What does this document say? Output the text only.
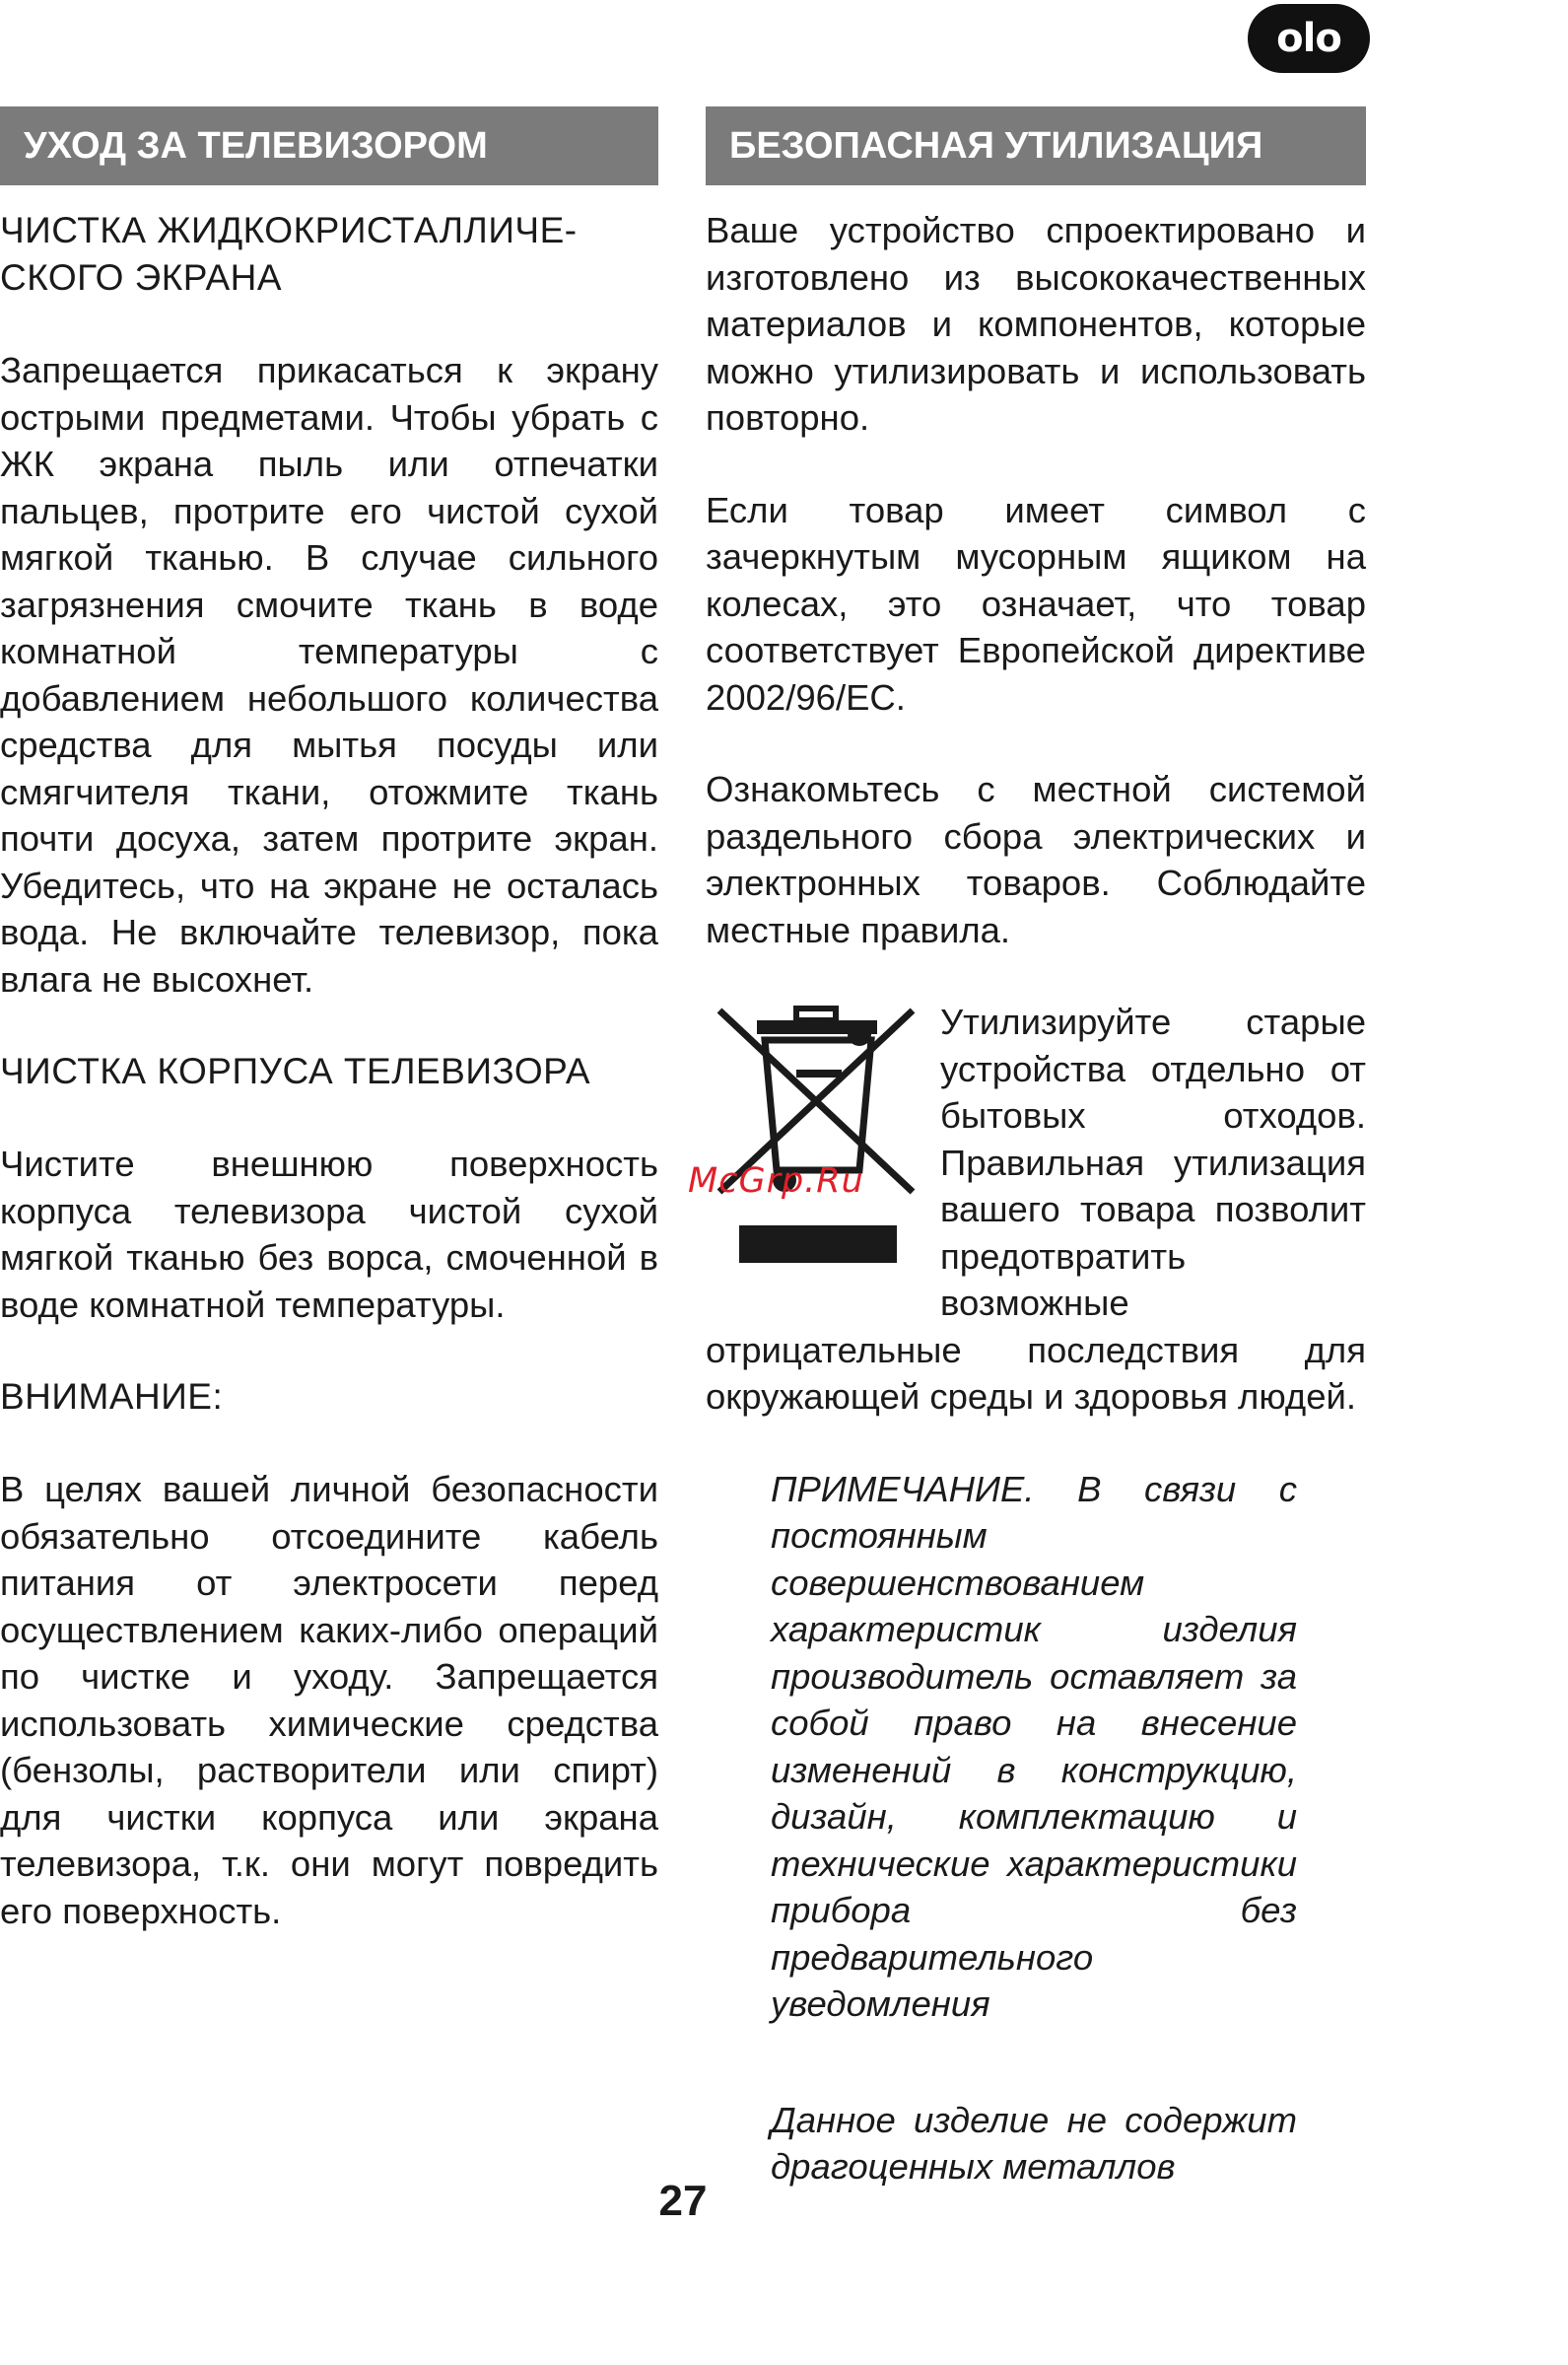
olo
УХОД ЗА ТЕЛЕВИЗОРОМ
ЧИСТКА ЖИДКОКРИСТАЛЛИЧЕ-СКОГО ЭКРАНА

Запрещается прикасаться к экрану острыми предметами. Чтобы убрать с ЖК экрана пыль или отпечатки пальцев, протрите его чистой сухой мягкой тканью. В случае сильного загрязнения смочите ткань в воде комнатной температуры с добавлением небольшого количества средства для мытья посуды или смягчителя ткани, отожмите ткань почти досуха, затем протрите экран. Убедитесь, что на экране не осталась вода. Не включайте телевизор, пока влага не высохнет.

ЧИСТКА КОРПУСА ТЕЛЕВИЗОРА

Чистите внешнюю поверхность корпуса телевизора чистой сухой мягкой тканью без ворса, смоченной в воде комнатной температуры.

ВНИМАНИЕ:

В целях вашей личной безопасности обязательно отсоедините кабель питания от электросети перед осуществлением каких-либо операций по чистке и уходу. Запрещается использовать химические средства (бензолы, растворители или спирт) для чистки корпуса или экрана телевизора, т.к. они могут повредить его поверхность.

БЕЗОПАСНАЯ УТИЛИЗАЦИЯ

Ваше устройство спроектировано и изготовлено из высококачественных материалов и компонентов, которые можно утилизировать и использовать повторно.

Если товар имеет символ с зачеркнутым мусорным ящиком на колесах, это означает, что товар соответствует Европейской директиве 2002/96/EC.

Ознакомьтесь с местной системой раздельного сбора электрических и электронных товаров. Соблюдайте местные правила.

McGrp.Ru
Утилизируйте старые устройства отдельно от бытовых отходов. Правильная утилизация вашего товара позволит предотвратить возможные отрицательные последствия для окружающей среды и здоровья людей.

ПРИМЕЧАНИЕ. В связи с постоянным совершенствованием характеристик изделия производитель оставляет за собой право на внесение изменений в конструкцию, дизайн, комплектацию и технические характеристики прибора без предварительного уведомления

Данное изделие не содержит драгоценных металлов

27
